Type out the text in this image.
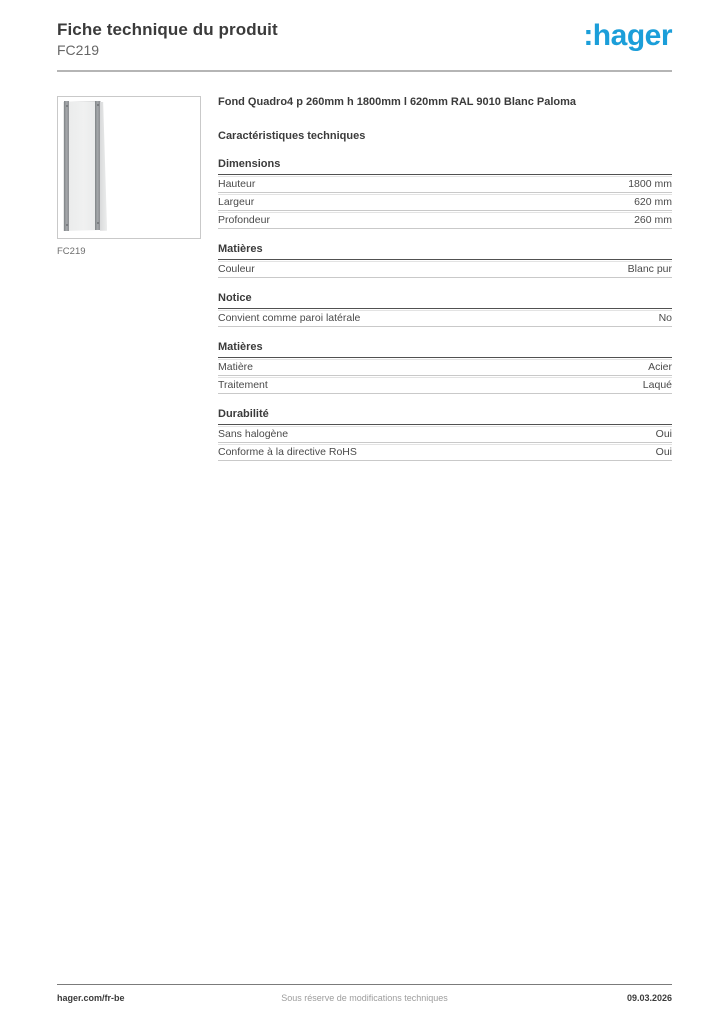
Fiche technique du produit
FC219	:hager
FC219
Fond Quadro4 p 260mm h 1800mm l 620mm RAL 9010 Blanc Paloma
Caractéristiques techniques
Dimensions
Hauteur	1800 mm
Largeur	620 mm
Profondeur	260 mm
Matières
Couleur	Blanc pur
Notice
Convient comme paroi latérale	No
Matières
Matière	Acier
Traitement	Laqué
Durabilité
Sans halogène	Oui
Conforme à la directive RoHS	Oui
hager.com/fr-be	Sous réserve de modifications techniques	09.03.2026
